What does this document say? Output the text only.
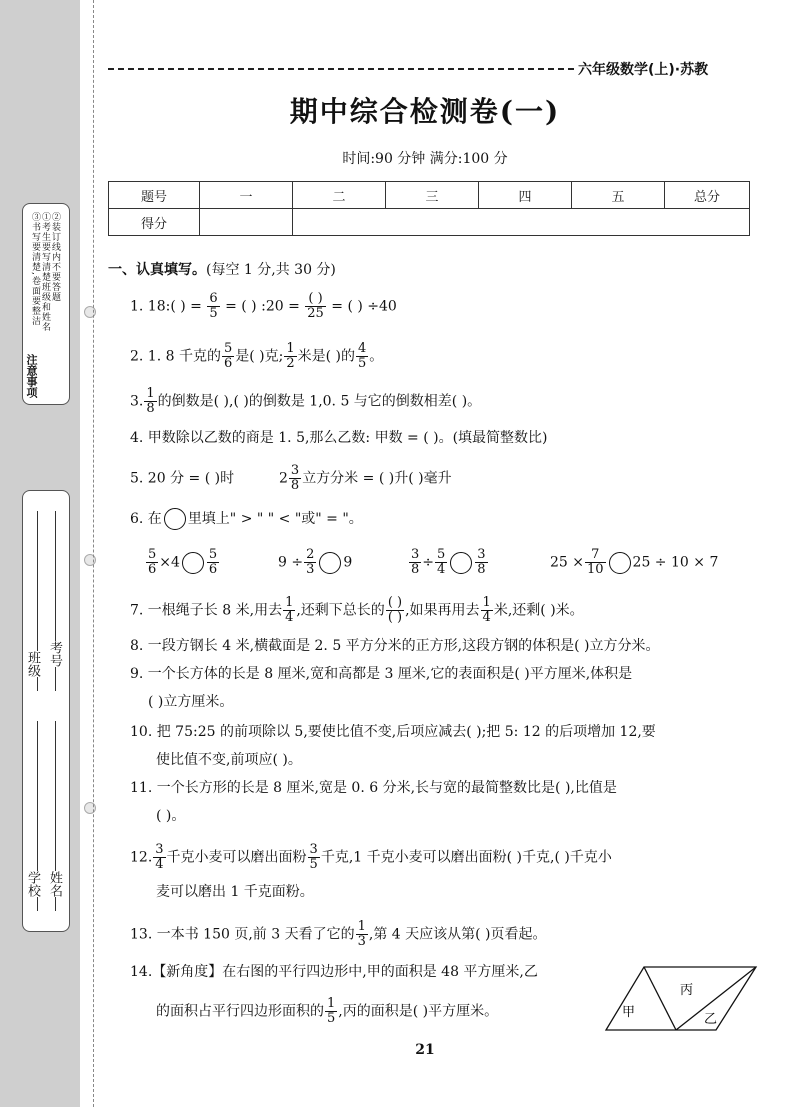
注意事项
①考生要写清楚班级和姓名 ②装订线内不要答题
③书写要清楚,卷面要整洁
班级 考号
学校 姓名
六年级数学(上)·苏教
期中综合检测卷(一)
时间:90 分钟 满分:100 分
题号	一	二	三	四	五	总分
得分						
一、认真填写。(每空 1 分,共 30 分)
1. 18:( ) = $\frac{6}{5}$ = ( ) :20 = $\frac{( )}{25}$ = ( ) ÷40
2. 1. 8 千克的 $\frac{5}{6}$ 是( )克; $\frac{1}{2}$ 米是( )的 $\frac{4}{5}$ 。
3. $\frac{1}{8}$ 的倒数是( ),( )的倒数是 1,0. 5 与它的倒数相差( )。
4. 甲数除以乙数的商是 1. 5,那么乙数: 甲数 = ( )。(填最简整数比)
5. 20 分 = ( )时	$2 \frac{3}{8}$ 立方分米 = ( )升( )毫升
6. 在 里填上" > " " < "或" = "。
$\frac{5}{6} \times 4 \frac{5}{6}$	$9 \div \frac{2}{3} 9$	$\frac{3}{8} \div \frac{5}{4} \frac{3}{8}$	$25 \times \frac{7}{10} 25 \div 10 \times 7$
7. 一根绳子长 8 米,用去 $\frac{1}{4}$ ,还剩下总长的 $\frac{( )}{( )}$ ,如果再用去 $\frac{1}{4}$ 米,还剩( )米。
8. 一段方钢长 4 米,横截面是 2. 5 平方分米的正方形,这段方钢的体积是( )立方分米。
9. 一个长方体的长是 8 厘米,宽和高都是 3 厘米,它的表面积是( )平方厘米,体积是
( )立方厘米。
10. 把 75:25 的前项除以 5,要使比值不变,后项应减去( );把 5: 12 的后项增加 12,要
使比值不变,前项应( )。
11. 一个长方形的长是 8 厘米,宽是 0. 6 分米,长与宽的最简整数比是( ),比值是
( )。
12. $\frac{3}{4}$ 千克小麦可以磨出面粉 $\frac{3}{5}$ 千克,1 千克小麦可以磨出面粉( )千克,( )千克小
麦可以磨出 1 千克面粉。
13. 一本书 150 页,前 3 天看了它的 $\frac{1}{3}$ ,第 4 天应该从第( )页看起。
14.【新角度】在右图的平行四边形中,甲的面积是 48 平方厘米,乙
的面积占平行四边形面积的 $\frac{1}{5}$ ,丙的面积是( )平方厘米。	甲	乙
丙
21
